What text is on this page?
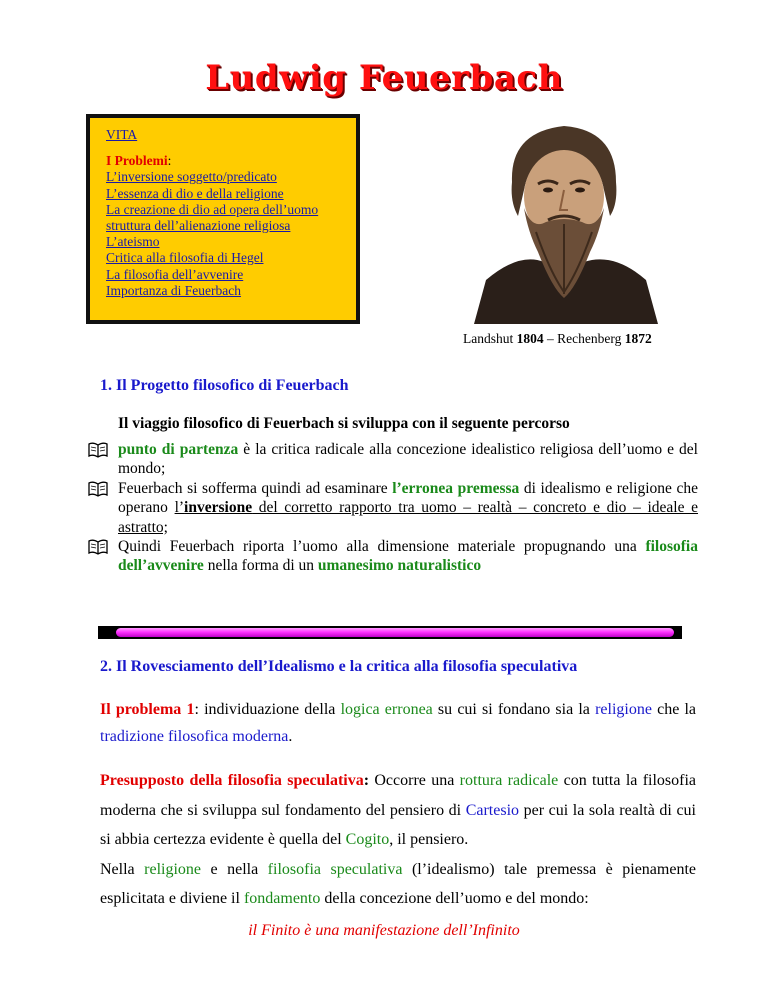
Ludwig Feuerbach
VITA
I Problemi:
L’inversione soggetto/predicato
L’essenza di dio e della religione
La creazione di dio ad opera dell’uomo
struttura dell’alienazione religiosa
L’ateismo
Critica alla filosofia di Hegel
La filosofia dell’avvenire
Importanza di Feuerbach
Landshut 1804 – Rechenberg 1872
1. Il Progetto filosofico di Feuerbach
Il viaggio filosofico di Feuerbach si sviluppa con il seguente percorso
punto di partenza è la critica radicale alla concezione idealistico religiosa dell’uomo e del mondo;
Feuerbach si sofferma quindi ad esaminare l’erronea premessa di idealismo e religione che operano l’inversione del corretto rapporto tra uomo – realtà – concreto e dio – ideale e astratto;
Quindi Feuerbach riporta l’uomo alla dimensione materiale propugnando una filosofia dell’avvenire nella forma di un umanesimo naturalistico
2. Il Rovesciamento dell’Idealismo e la critica alla filosofia speculativa
Il problema 1: individuazione della logica erronea su cui si fondano sia la religione che la tradizione filosofica moderna.
Presupposto della filosofia speculativa: Occorre una rottura radicale con tutta la filosofia moderna che si sviluppa sul fondamento del pensiero di Cartesio per cui la sola realtà di cui si abbia certezza evidente è quella del Cogito, il pensiero.
Nella religione e nella filosofia speculativa (l’idealismo) tale premessa è pienamente esplicitata e diviene il fondamento della concezione dell’uomo e del mondo:
il Finito è una manifestazione dell’Infinito
